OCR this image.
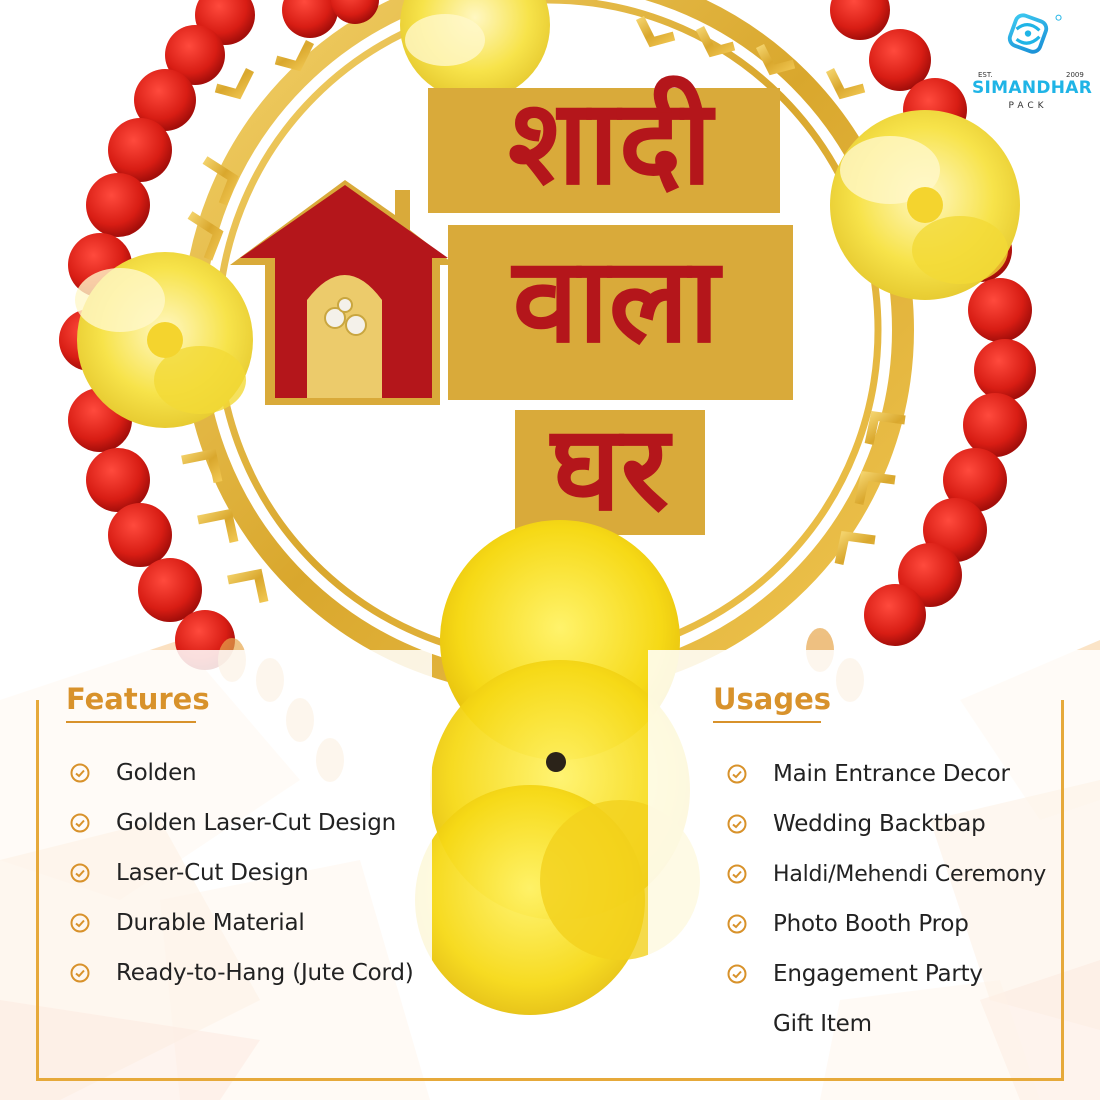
शादी
वाला
घर
Features
Golden
Golden Laser-Cut Design
Laser-Cut Design
Durable Material
Ready-to-Hang (Jute Cord)
Usages
Main Entrance Decor
Wedding Backtbap
Haldi/Mehendi Ceremony
Photo Booth Prop
Engagement Party
Gift Item
EST.	2009
SIMANDHAR
PACK
